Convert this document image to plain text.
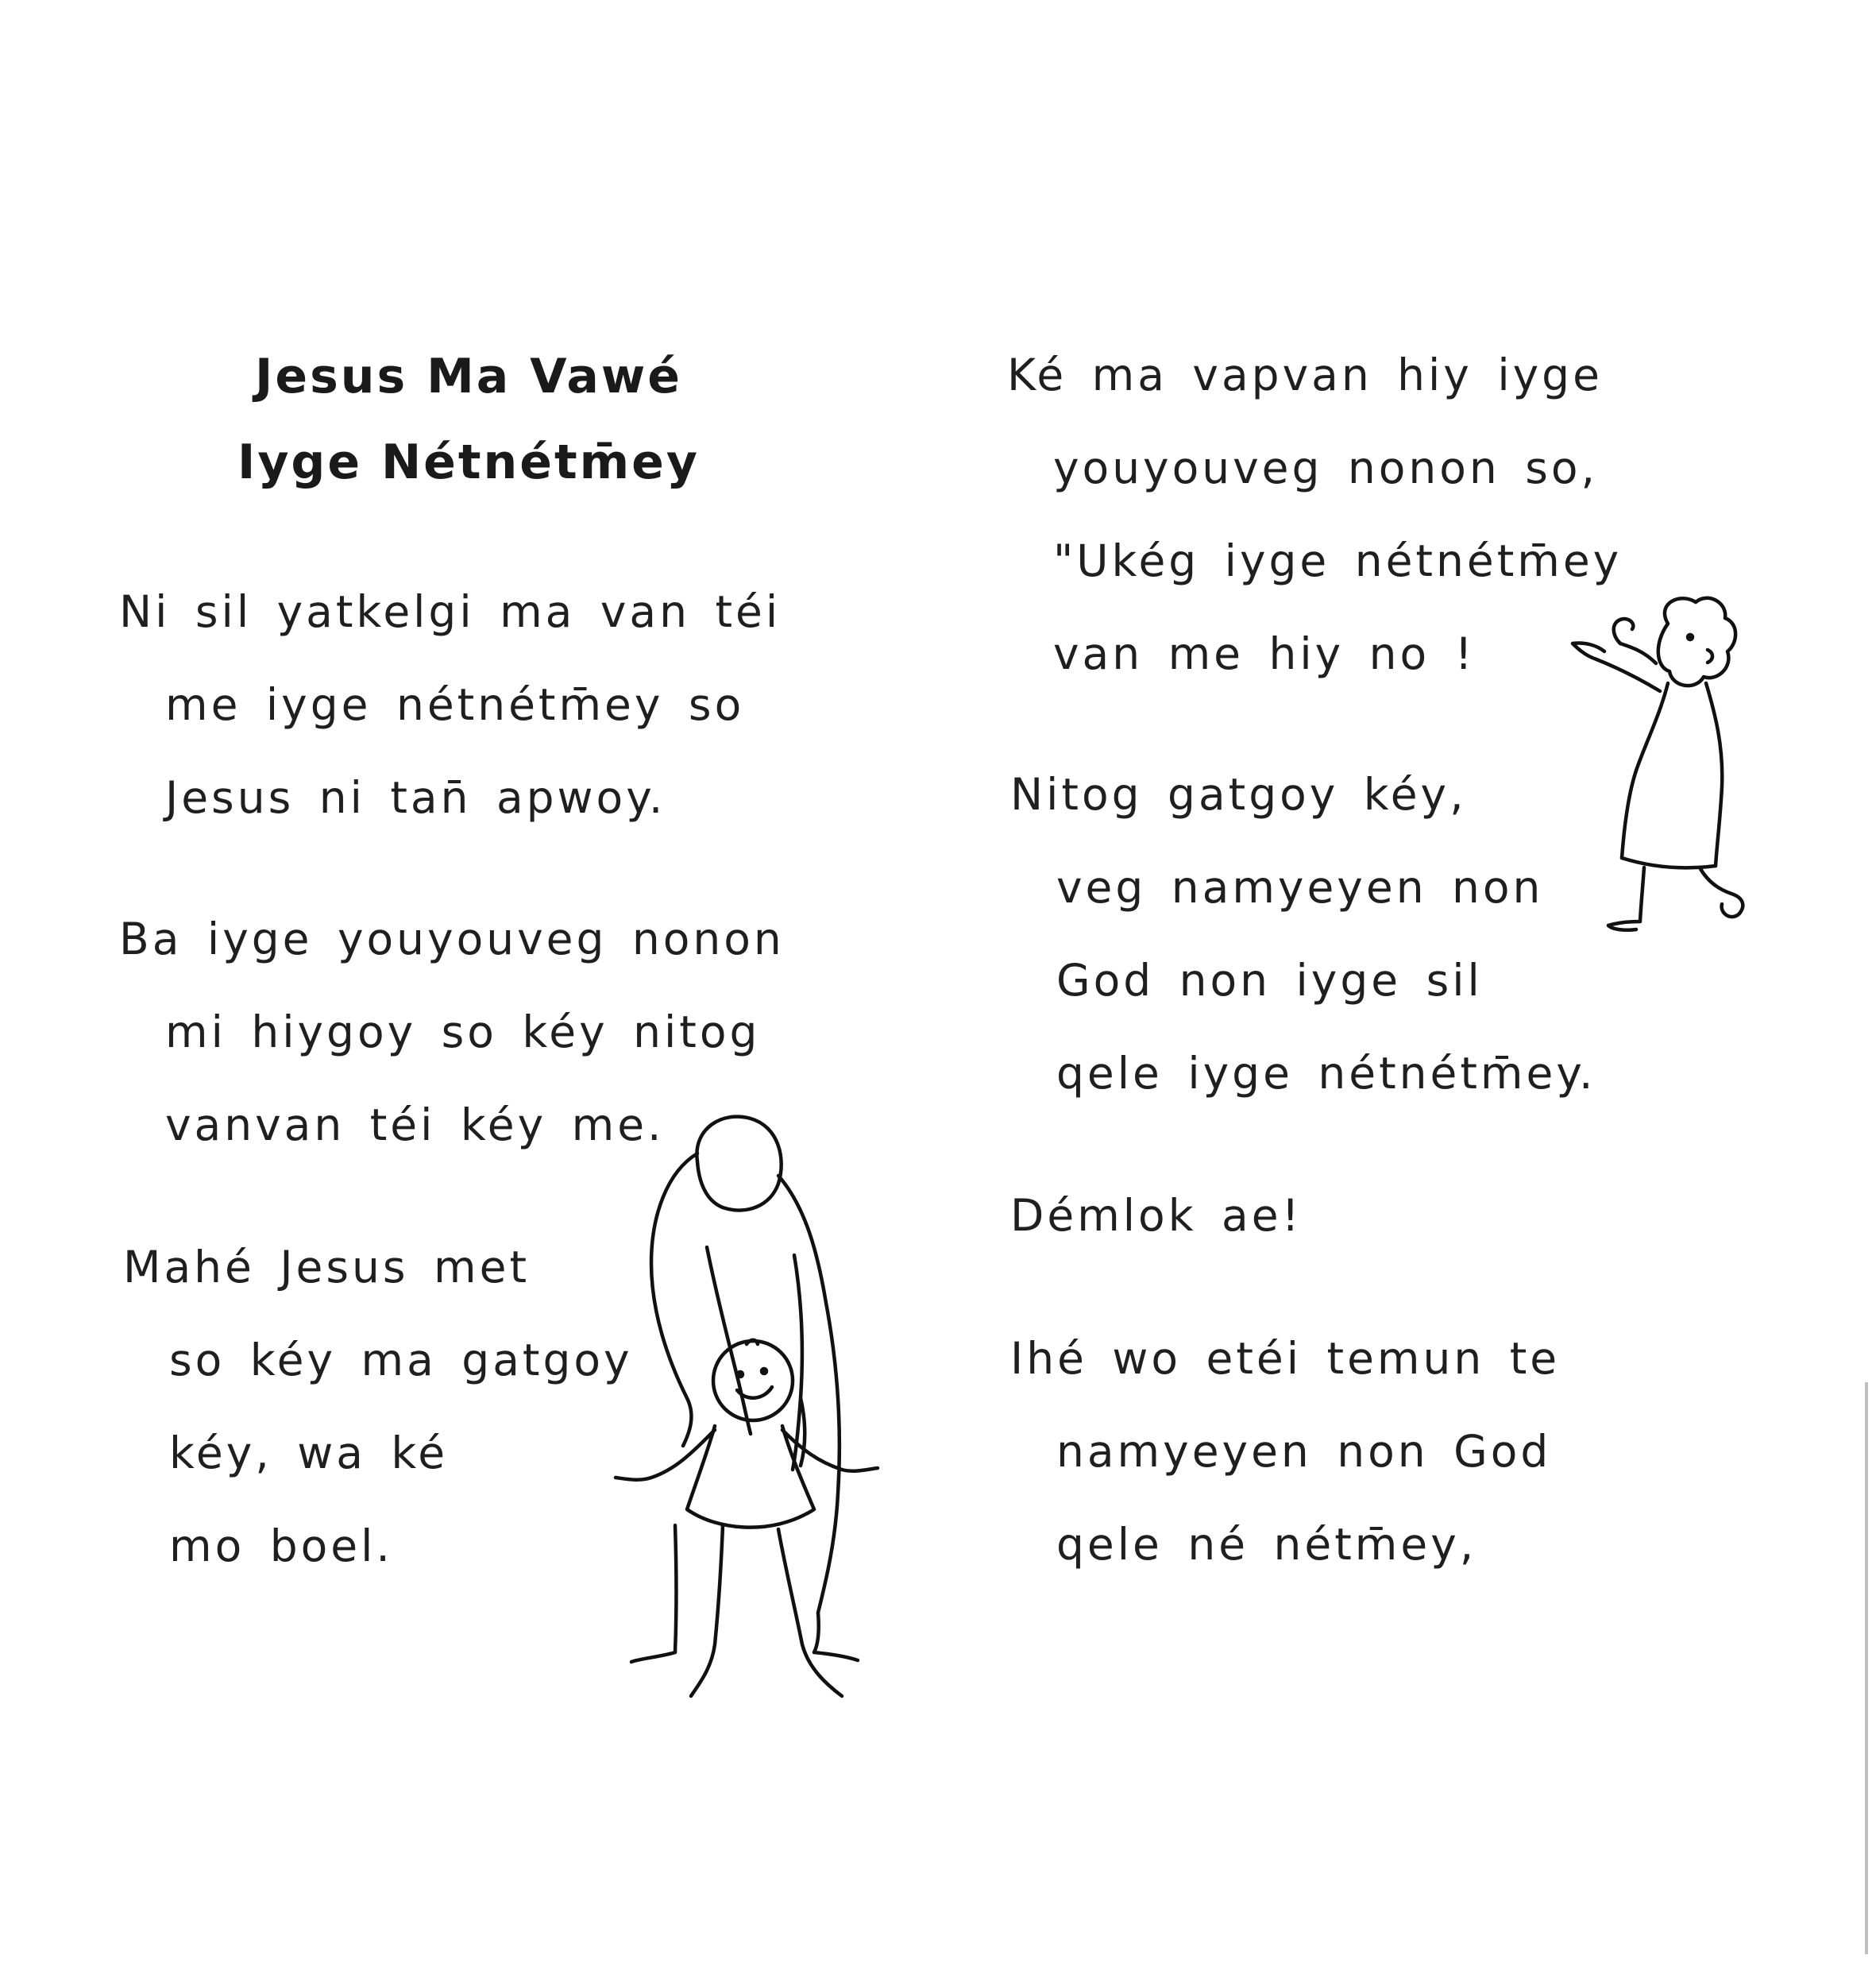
Jesus Ma Vawé
Iyge Nétnétm̄ey
Ni sil yatkelgi ma van téi
me iyge nétnétm̄ey so
Jesus ni tan̄ apwoy.
Ba iyge youyouveg nonon
mi hiygoy so kéy nitog
vanvan téi kéy me.
Mahé Jesus met
so kéy ma gatgoy
kéy, wa ké
mo boel.
Ké ma vapvan hiy iyge
youyouveg nonon so,
"Ukég iyge nétnétm̄ey
van me hiy no !
Nitog gatgoy kéy,
veg namyeyen non
God non iyge sil
qele iyge nétnétm̄ey.
Démlok ae!
Ihé wo etéi temun te
namyeyen non God
qele né nétm̄ey,
